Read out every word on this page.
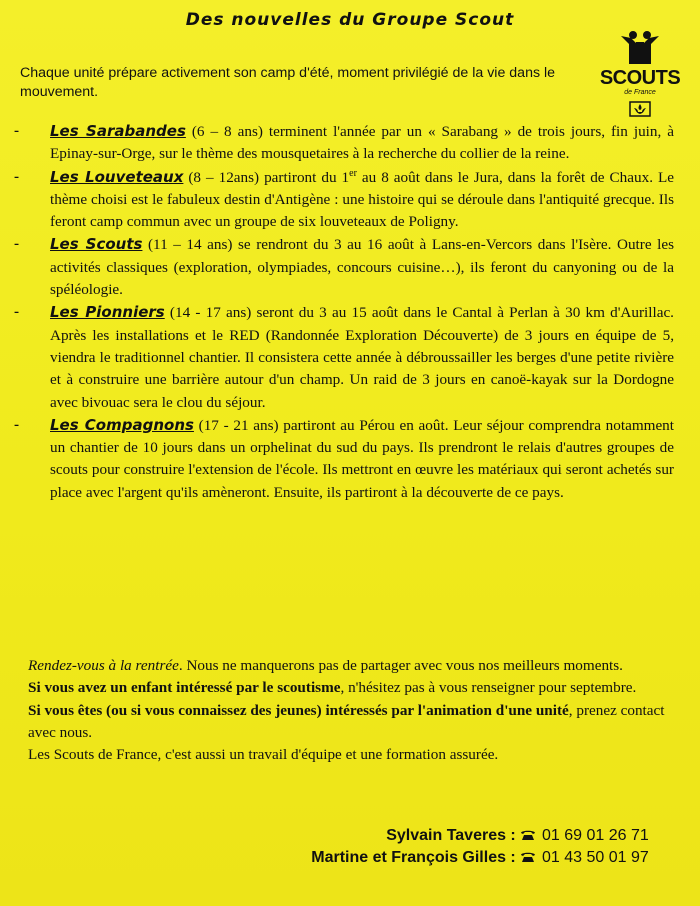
Des nouvelles du Groupe Scout
SCOUTS
de France
Chaque unité prépare activement son camp d'été, moment privilégié de la vie dans le mouvement.
-	Les Sarabandes (6 – 8 ans) terminent l'année par un « Sarabang » de trois jours, fin juin, à Epinay-sur-Orge, sur le thème des mousquetaires à la recherche du collier de la reine.
-	Les Louveteaux (8 – 12ans) partiront du 1er au 8 août dans le Jura, dans la forêt de Chaux. Le thème choisi est le fabuleux destin d'Antigène : une histoire qui se déroule dans l'antiquité grecque. Ils feront camp commun avec un groupe de six louveteaux de Poligny.
-	Les Scouts (11 – 14 ans) se rendront du 3 au 16 août à Lans-en-Vercors dans l'Isère. Outre les activités classiques (exploration, olympiades, concours cuisine…), ils feront du canyoning ou de la spéléologie.
-	Les Pionniers (14 - 17 ans) seront du 3 au 15 août dans le Cantal à Perlan à 30 km d'Aurillac. Après les installations et le RED (Randonnée Exploration Découverte) de 3 jours en équipe de 5, viendra le traditionnel chantier. Il consistera cette année à débroussailler les berges d'une petite rivière et à construire une barrière autour d'un champ. Un raid de 3 jours en canoë-kayak sur la Dordogne avec bivouac sera le clou du séjour.
-	Les Compagnons (17 - 21 ans) partiront au Pérou en août. Leur séjour comprendra notamment un chantier de 10 jours dans un orphelinat du sud du pays. Ils prendront le relais d'autres groupes de scouts pour construire l'extension de l'école. Ils mettront en œuvre les matériaux qui seront achetés sur place avec l'argent qu'ils amèneront. Ensuite, ils partiront à la découverte de ce pays.

Rendez-vous à la rentrée. Nous ne manquerons pas de partager avec vous nos meilleurs moments.

Si vous avez un enfant intéressé par le scoutisme, n'hésitez pas à vous renseigner pour septembre.

Si vous êtes (ou si vous connaissez des jeunes) intéressés par l'animation d'une unité, prenez contact avec nous.

Les Scouts de France, c'est aussi un travail d'équipe et une formation assurée.

Sylvain Taveres :	01 69 01 26 71
Martine et François Gilles :	01 43 50 01 97
